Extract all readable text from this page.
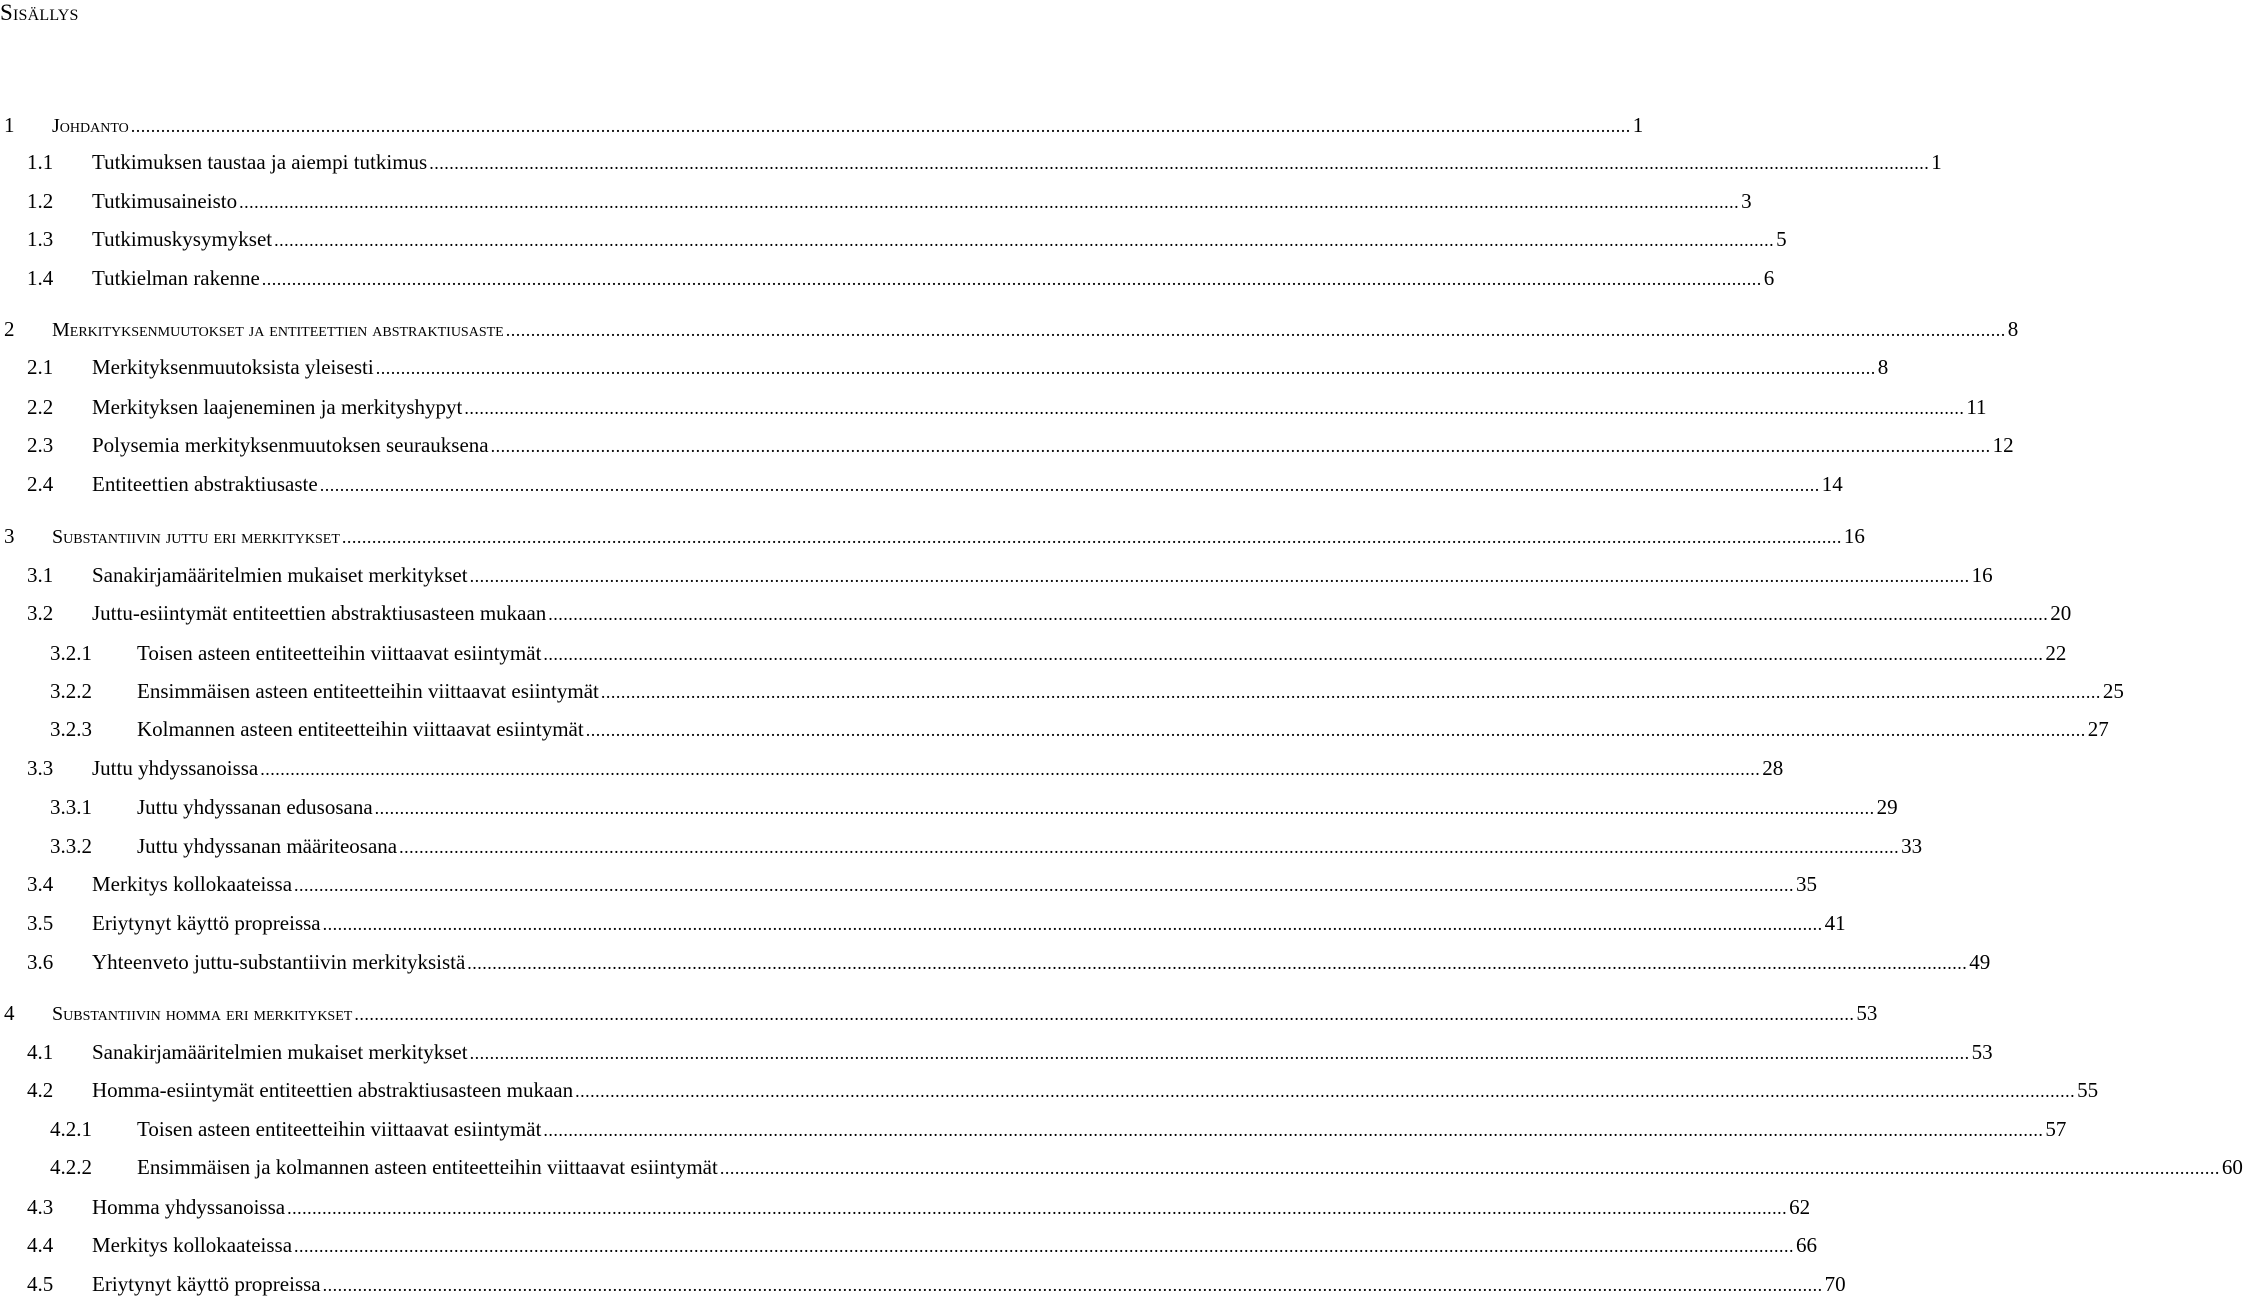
Sisällys
1 Johdanto ............................................................................................................................................................................................................................................................................................................ 1
1.1 Tutkimuksen taustaa ja aiempi tutkimus ............................................................................................................................................................................................................................................................................................................ 1
1.2 Tutkimusaineisto ............................................................................................................................................................................................................................................................................................................ 3
1.3 Tutkimuskysymykset ............................................................................................................................................................................................................................................................................................................ 5
1.4 Tutkielman rakenne ............................................................................................................................................................................................................................................................................................................ 6
2 Merkityksenmuutokset ja entiteettien abstraktiusaste ............................................................................................................................................................................................................................................................................................................ 8
2.1 Merkityksenmuutoksista yleisesti ............................................................................................................................................................................................................................................................................................................ 8
2.2 Merkityksen laajeneminen ja merkityshypyt ............................................................................................................................................................................................................................................................................................................ 11
2.3 Polysemia merkityksenmuutoksen seurauksena ............................................................................................................................................................................................................................................................................................................ 12
2.4 Entiteettien abstraktiusaste ............................................................................................................................................................................................................................................................................................................ 14
3 Substantiivin juttu eri merkitykset ............................................................................................................................................................................................................................................................................................................ 16
3.1 Sanakirjamääritelmien mukaiset merkitykset ............................................................................................................................................................................................................................................................................................................ 16
3.2 Juttu-esiintymät entiteettien abstraktiusasteen mukaan ............................................................................................................................................................................................................................................................................................................ 20
3.2.1 Toisen asteen entiteetteihin viittaavat esiintymät ............................................................................................................................................................................................................................................................................................................ 22
3.2.2 Ensimmäisen asteen entiteetteihin viittaavat esiintymät ............................................................................................................................................................................................................................................................................................................ 25
3.2.3 Kolmannen asteen entiteetteihin viittaavat esiintymät ............................................................................................................................................................................................................................................................................................................ 27
3.3 Juttu yhdyssanoissa ............................................................................................................................................................................................................................................................................................................ 28
3.3.1 Juttu yhdyssanan edusosana ............................................................................................................................................................................................................................................................................................................ 29
3.3.2 Juttu yhdyssanan määriteosana ............................................................................................................................................................................................................................................................................................................ 33
3.4 Merkitys kollokaateissa ............................................................................................................................................................................................................................................................................................................ 35
3.5 Eriytynyt käyttö propreissa ............................................................................................................................................................................................................................................................................................................ 41
3.6 Yhteenveto juttu-substantiivin merkityksistä ............................................................................................................................................................................................................................................................................................................ 49
4 Substantiivin homma eri merkitykset ............................................................................................................................................................................................................................................................................................................ 53
4.1 Sanakirjamääritelmien mukaiset merkitykset ............................................................................................................................................................................................................................................................................................................ 53
4.2 Homma-esiintymät entiteettien abstraktiusasteen mukaan ............................................................................................................................................................................................................................................................................................................ 55
4.2.1 Toisen asteen entiteetteihin viittaavat esiintymät ............................................................................................................................................................................................................................................................................................................ 57
4.2.2 Ensimmäisen ja kolmannen asteen entiteetteihin viittaavat esiintymät ............................................................................................................................................................................................................................................................................................................ 60
4.3 Homma yhdyssanoissa ............................................................................................................................................................................................................................................................................................................ 62
4.4 Merkitys kollokaateissa ............................................................................................................................................................................................................................................................................................................ 66
4.5 Eriytynyt käyttö propreissa ............................................................................................................................................................................................................................................................................................................ 70
